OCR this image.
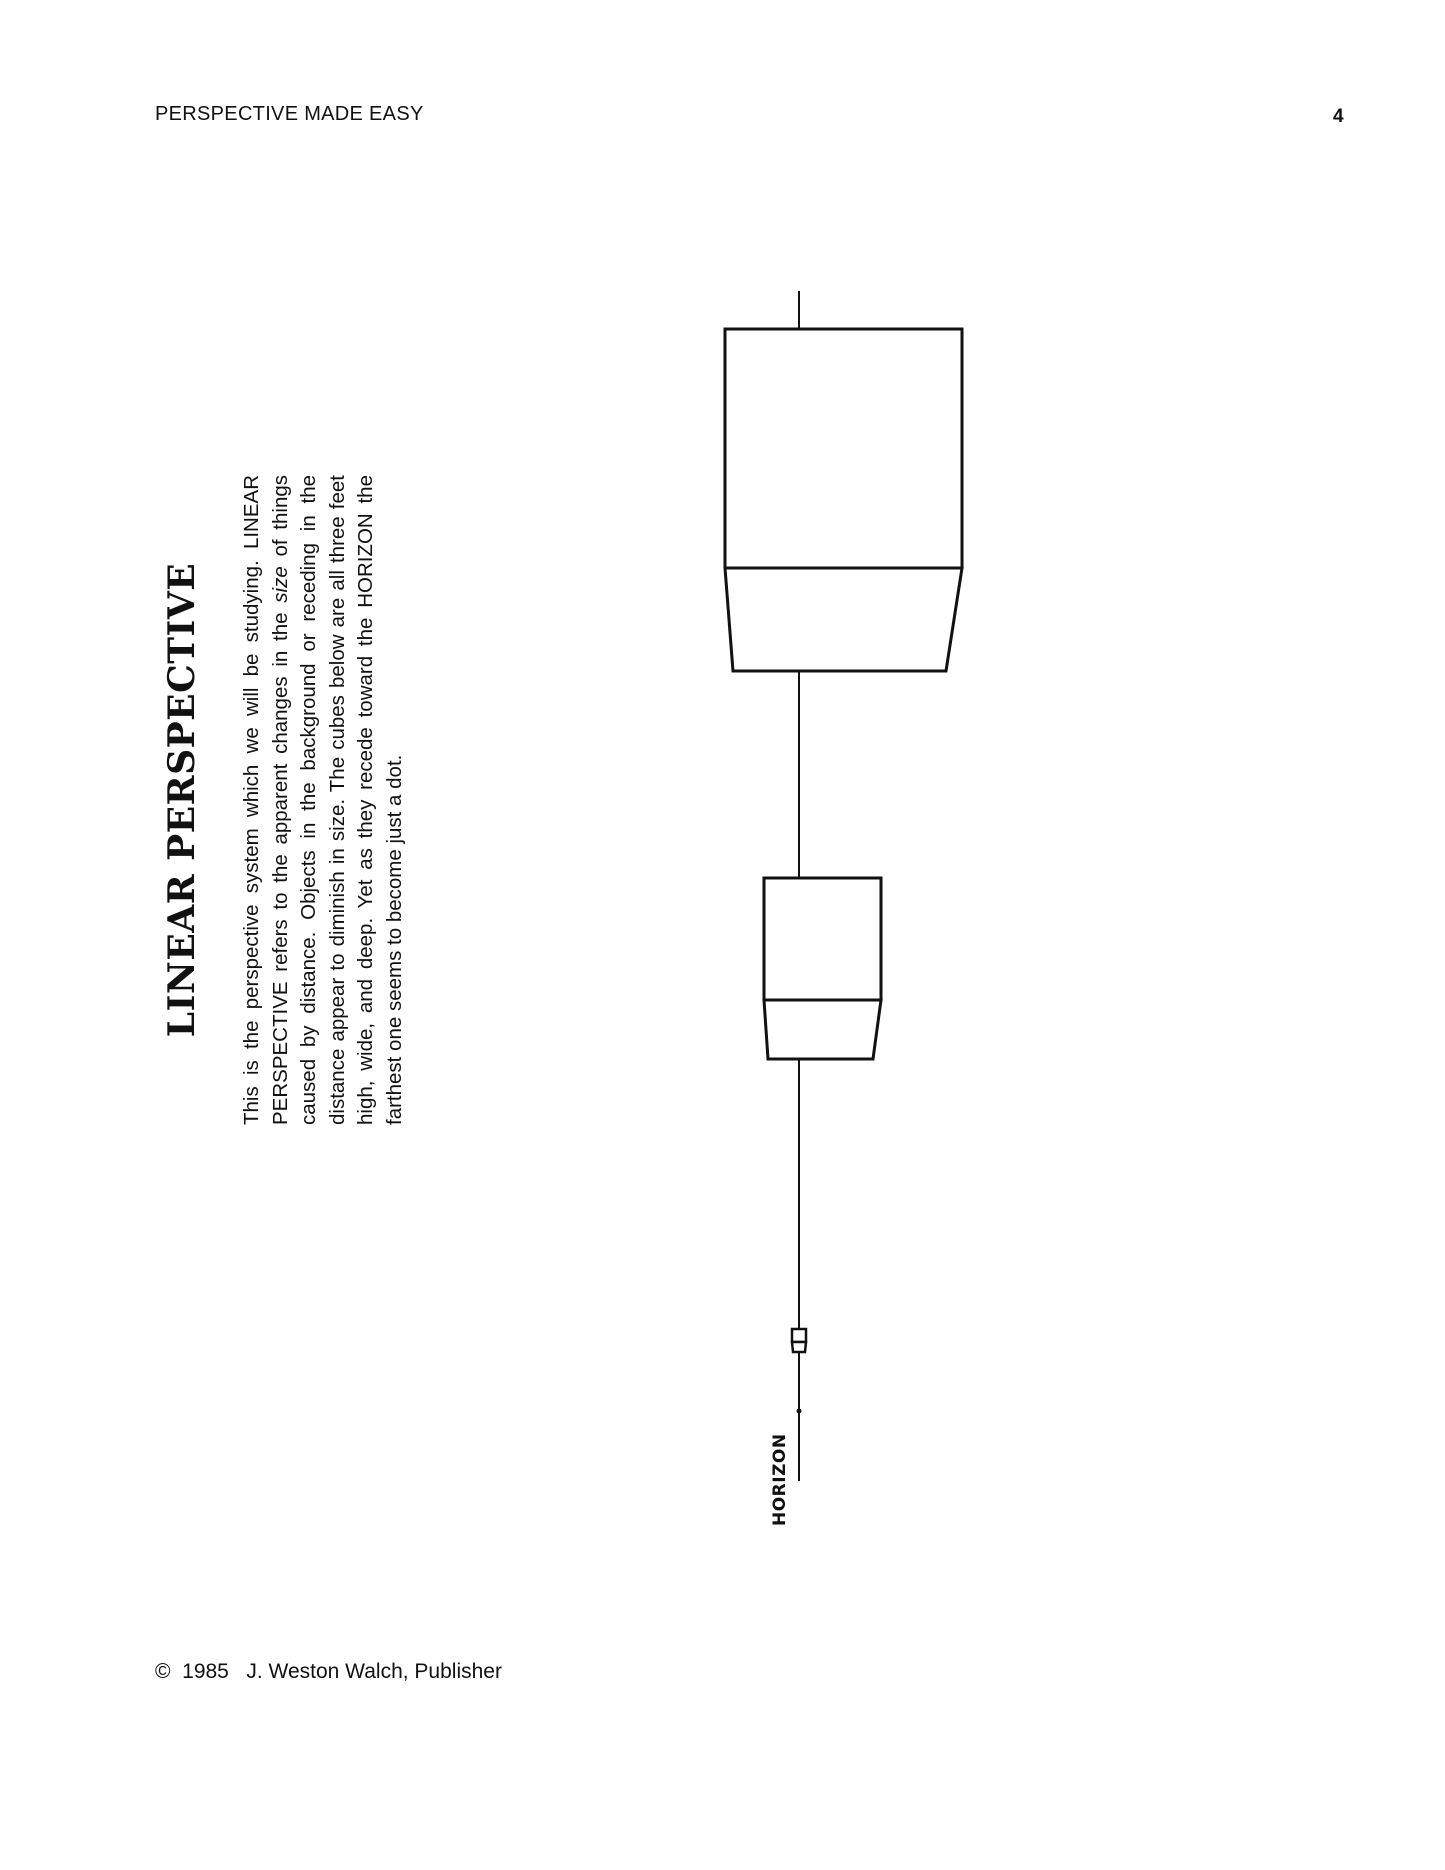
PERSPECTIVE MADE EASY	4
LINEAR PERSPECTIVE This is the perspective system which we will be studying. LINEAR PERSPECTIVE refers to the apparent changes in the size of things caused by distance. Objects in the background or receding in the distance appear to diminish in size. The cubes below are all three feet high, wide, and deep. Yet as they recede toward the HORIZON the farthest one seems to become just a dot.

HORIZON
©  1985   J. Weston Walch, Publisher
